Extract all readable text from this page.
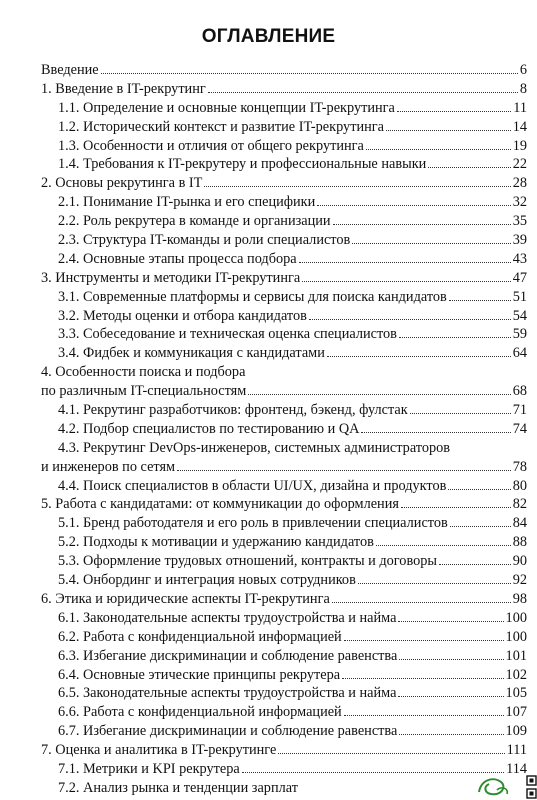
ОГЛАВЛЕНИЕ
Введение	6
1. Введение в IT-рекрутинг	8
1.1. Определение и основные концепции IT-рекрутинга	11
1.2. Исторический контекст и развитие IT-рекрутинга	14
1.3. Особенности и отличия от общего рекрутинга	19
1.4. Требования к IT-рекрутеру и профессиональные навыки	22
2. Основы рекрутинга в IT	28
2.1. Понимание IT-рынка и его специфики	32
2.2. Роль рекрутера в команде и организации	35
2.3. Структура IT-команды и роли специалистов	39
2.4. Основные этапы процесса подбора	43
3. Инструменты и методики IT-рекрутинга	47
3.1. Современные платформы и сервисы для поиска кандидатов	51
3.2. Методы оценки и отбора кандидатов	54
3.3. Собеседование и техническая оценка специалистов	59
3.4. Фидбек и коммуникация с кандидатами	64
4. Особенности поиска и подбора
по различным IT-специальностям	68
4.1. Рекрутинг разработчиков: фронтенд, бэкенд, фулстак	71
4.2. Подбор специалистов по тестированию и QA	74
4.3. Рекрутинг DevOps-инженеров, системных администраторов
и инженеров по сетям	78
4.4. Поиск специалистов в области UI/UX, дизайна и продуктов	80
5. Работа с кандидатами: от коммуникации до оформления	82
5.1. Бренд работодателя и его роль в привлечении специалистов	84
5.2. Подходы к мотивации и удержанию кандидатов	88
5.3. Оформление трудовых отношений, контракты и договоры	90
5.4. Онбординг и интеграция новых сотрудников	92
6. Этика и юридические аспекты IT-рекрутинга	98
6.1. Законодательные аспекты трудоустройства и найма	100
6.2. Работа с конфиденциальной информацией	100
6.3. Избегание дискриминации и соблюдение равенства	101
6.4. Основные этические принципы рекрутера	102
6.5. Законодательные аспекты трудоустройства и найма	105
6.6. Работа с конфиденциальной информацией	107
6.7. Избегание дискриминации и соблюдение равенства	109
7. Оценка и аналитика в IT-рекрутинге	111
7.1. Метрики и KPI рекрутера	114
7.2. Анализ рынка и тенденции зарплат
